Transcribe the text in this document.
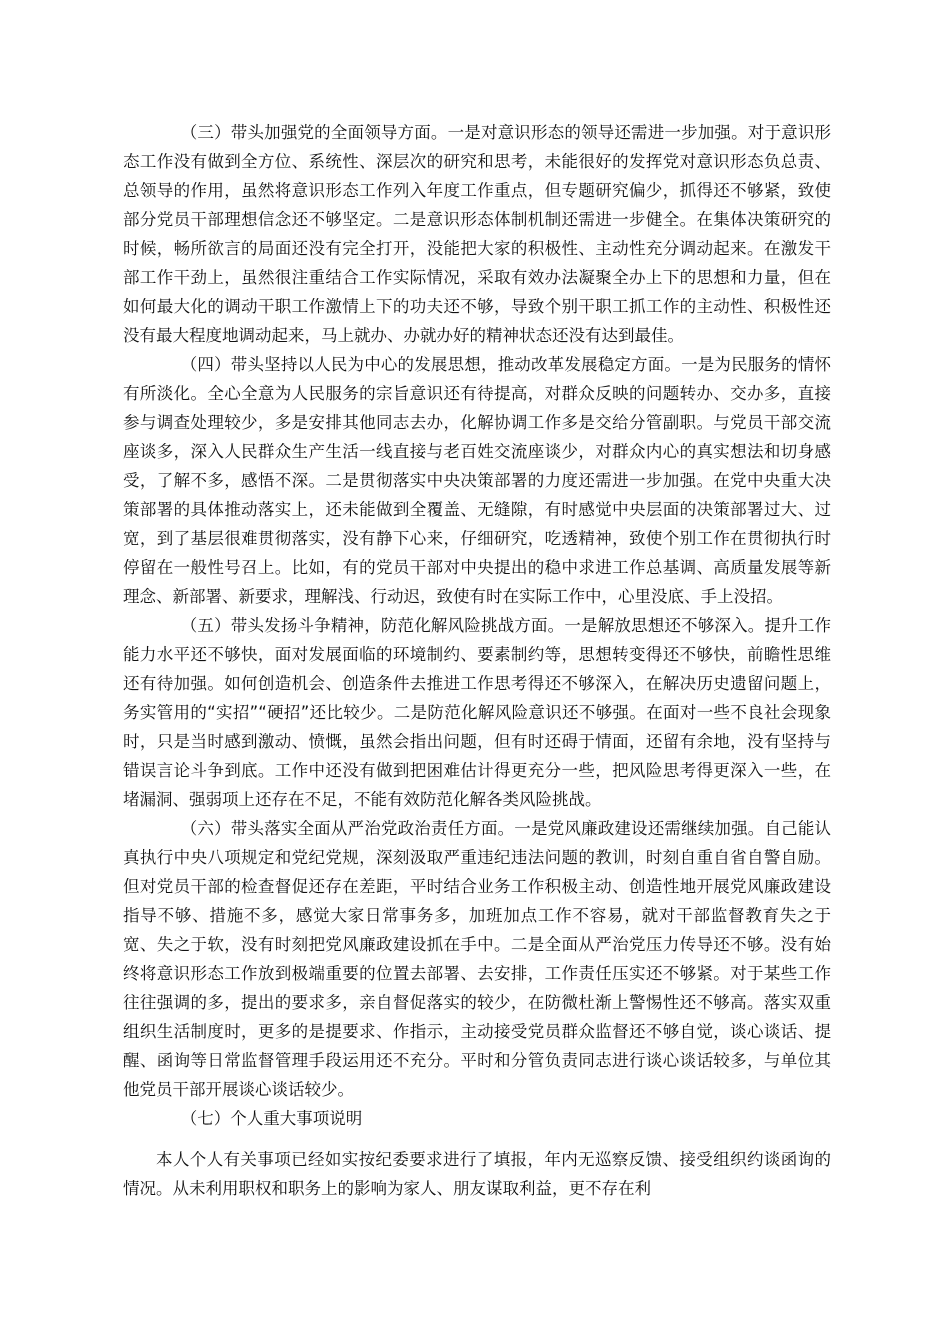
（三）带头加强党的全面领导方面。一是对意识形态的领导还需进一步加强。对于意识形态工作没有做到全方位、系统性、深层次的研究和思考，未能很好的发挥党对意识形态负总责、总领导的作用，虽然将意识形态工作列入年度工作重点，但专题研究偏少，抓得还不够紧，致使部分党员干部理想信念还不够坚定。二是意识形态体制机制还需进一步健全。在集体决策研究的时候，畅所欲言的局面还没有完全打开，没能把大家的积极性、主动性充分调动起来。在激发干部工作干劲上，虽然很注重结合工作实际情况，采取有效办法凝聚全办上下的思想和力量，但在如何最大化的调动干职工作激情上下的功夫还不够，导致个别干职工抓工作的主动性、积极性还没有最大程度地调动起来，马上就办、办就办好的精神状态还没有达到最佳。

（四）带头坚持以人民为中心的发展思想，推动改革发展稳定方面。一是为民服务的情怀有所淡化。全心全意为人民服务的宗旨意识还有待提高，对群众反映的问题转办、交办多，直接参与调查处理较少，多是安排其他同志去办，化解协调工作多是交给分管副职。与党员干部交流座谈多，深入人民群众生产生活一线直接与老百姓交流座谈少，对群众内心的真实想法和切身感受，了解不多，感悟不深。二是贯彻落实中央决策部署的力度还需进一步加强。在党中央重大决策部署的具体推动落实上，还未能做到全覆盖、无缝隙，有时感觉中央层面的决策部署过大、过宽，到了基层很难贯彻落实，没有静下心来，仔细研究，吃透精神，致使个别工作在贯彻执行时停留在一般性号召上。比如，有的党员干部对中央提出的稳中求进工作总基调、高质量发展等新理念、新部署、新要求，理解浅、行动迟，致使有时在实际工作中，心里没底、手上没招。

（五）带头发扬斗争精神，防范化解风险挑战方面。一是解放思想还不够深入。提升工作能力水平还不够快，面对发展面临的环境制约、要素制约等，思想转变得还不够快，前瞻性思维还有待加强。如何创造机会、创造条件去推进工作思考得还不够深入，在解决历史遗留问题上，务实管用的“实招”“硬招”还比较少。二是防范化解风险意识还不够强。在面对一些不良社会现象时，只是当时感到激动、愤慨，虽然会指出问题，但有时还碍于情面，还留有余地，没有坚持与错误言论斗争到底。工作中还没有做到把困难估计得更充分一些，把风险思考得更深入一些，在堵漏洞、强弱项上还存在不足，不能有效防范化解各类风险挑战。

（六）带头落实全面从严治党政治责任方面。一是党风廉政建设还需继续加强。自己能认真执行中央八项规定和党纪党规，深刻汲取严重违纪违法问题的教训，时刻自重自省自警自励。但对党员干部的检查督促还存在差距，平时结合业务工作积极主动、创造性地开展党风廉政建设指导不够、措施不多，感觉大家日常事务多，加班加点工作不容易，就对干部监督教育失之于宽、失之于软，没有时刻把党风廉政建设抓在手中。二是全面从严治党压力传导还不够。没有始终将意识形态工作放到极端重要的位置去部署、去安排，工作责任压实还不够紧。对于某些工作往往强调的多，提出的要求多，亲自督促落实的较少，在防微杜渐上警惕性还不够高。落实双重组织生活制度时，更多的是提要求、作指示，主动接受党员群众监督还不够自觉，谈心谈话、提醒、函询等日常监督管理手段运用还不充分。平时和分管负责同志进行谈心谈话较多，与单位其他党员干部开展谈心谈话较少。

（七）个人重大事项说明

本人个人有关事项已经如实按纪委要求进行了填报，年内无巡察反馈、接受组织约谈函询的情况。从未利用职权和职务上的影响为家人、朋友谋取利益，更不存在利
